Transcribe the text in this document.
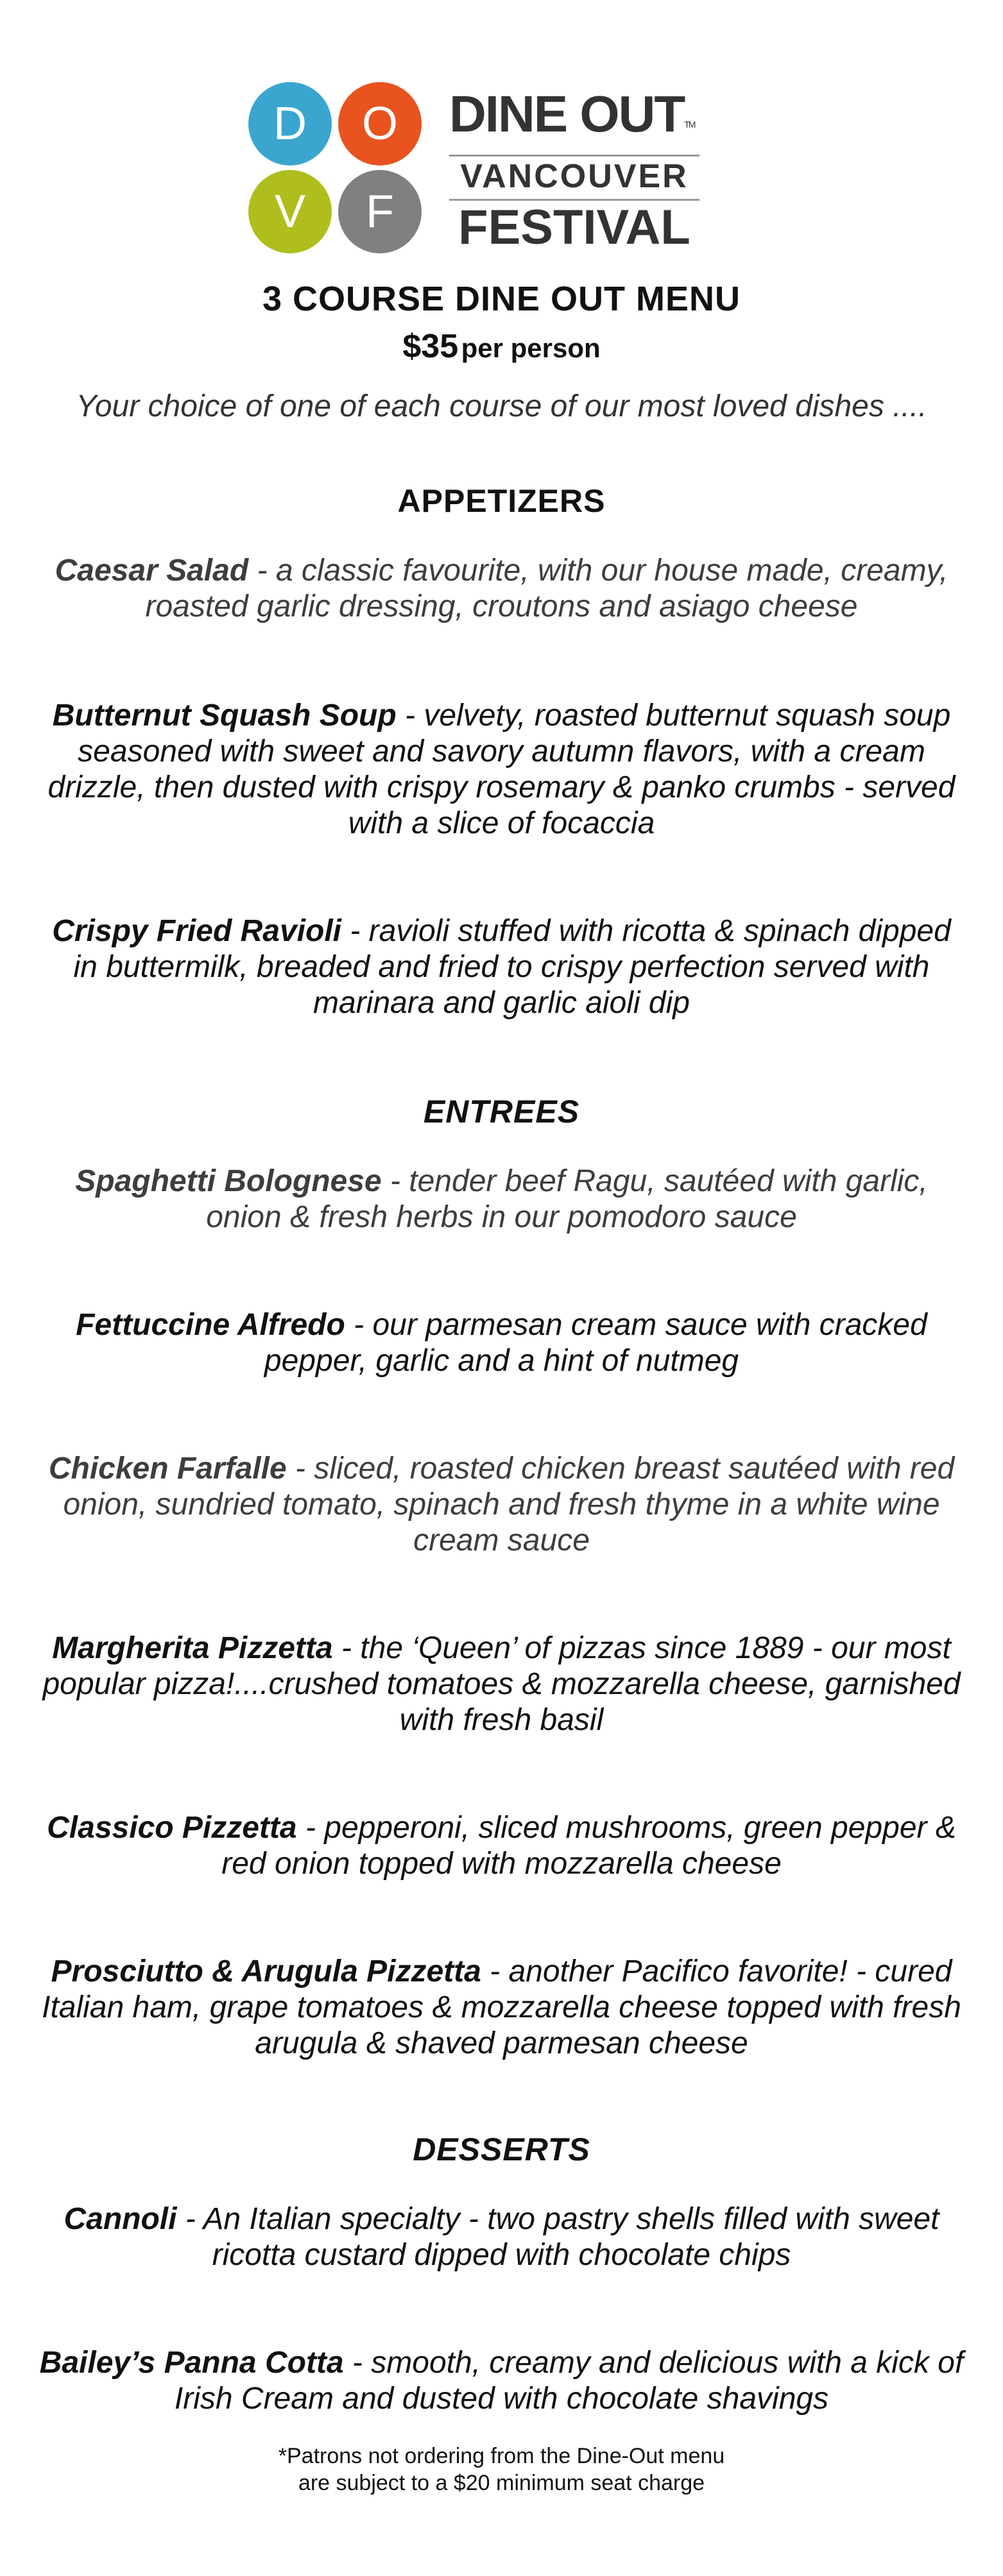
D	O
V	F
DINE OUT™
VANCOUVER
FESTIVAL
3 COURSE DINE OUT MENU
$35 per person
Your choice of one of each course of our most loved dishes ....
APPETIZERS
Caesar Salad - a classic favourite, with our house made, creamy, roasted garlic dressing, croutons and asiago cheese
Butternut Squash Soup - velvety, roasted butternut squash soup seasoned with sweet and savory autumn flavors, with a cream drizzle, then dusted with crispy rosemary & panko crumbs - served with a slice of focaccia
Crispy Fried Ravioli - ravioli stuffed with ricotta & spinach dipped in buttermilk, breaded and fried to crispy perfection served with marinara and garlic aioli dip
ENTREES
Spaghetti Bolognese - tender beef Ragu, sautéed with garlic, onion & fresh herbs in our pomodoro sauce
Fettuccine Alfredo - our parmesan cream sauce with cracked pepper, garlic and a hint of nutmeg
Chicken Farfalle - sliced, roasted chicken breast sautéed with red onion, sundried tomato, spinach and fresh thyme in a white wine cream sauce
Margherita Pizzetta - the ‘Queen’ of pizzas since 1889 - our most popular pizza!....crushed tomatoes & mozzarella cheese, garnished with fresh basil
Classico Pizzetta - pepperoni, sliced mushrooms, green pepper & red onion topped with mozzarella cheese
Prosciutto & Arugula Pizzetta - another Pacifico favorite! - cured Italian ham, grape tomatoes & mozzarella cheese topped with fresh arugula & shaved parmesan cheese
DESSERTS
Cannoli - An Italian specialty - two pastry shells filled with sweet ricotta custard dipped with chocolate chips
Bailey’s Panna Cotta - smooth, creamy and delicious with a kick of Irish Cream and dusted with chocolate shavings
*Patrons not ordering from the Dine-Out menu
are subject to a $20 minimum seat charge
